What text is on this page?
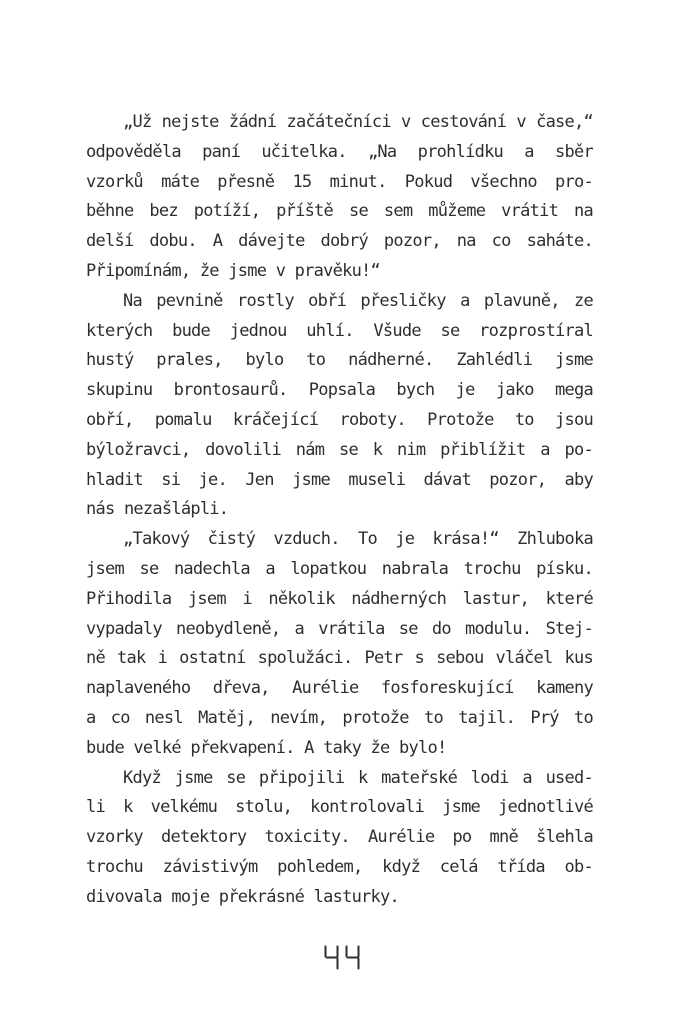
„Už nejste žádní začátečníci v cestování v čase,“
odpověděla paní učitelka. „Na prohlídku a sběr
vzorků máte přesně 15 minut. Pokud všechno pro-
běhne bez potíží, příště se sem můžeme vrátit na
delší dobu. A dávejte dobrý pozor, na co saháte.
Připomínám, že jsme v pravěku!“

Na pevnině rostly obří přesličky a plavuně, ze
kterých bude jednou uhlí. Všude se rozprostíral
hustý prales, bylo to nádherné. Zahlédli jsme
skupinu brontosaurů. Popsala bych je jako mega
obří, pomalu kráčející roboty. Protože to jsou
býložravci, dovolili nám se k nim přiblížit a po-
hladit si je. Jen jsme museli dávat pozor, aby
nás nezašlápli.

„Takový čistý vzduch. To je krása!“ Zhluboka
jsem se nadechla a lopatkou nabrala trochu písku.
Přihodila jsem i několik nádherných lastur, které
vypadaly neobydleně, a vrátila se do modulu. Stej-
ně tak i ostatní spolužáci. Petr s sebou vláčel kus
naplaveného dřeva, Aurélie fosforeskující kameny
a co nesl Matěj, nevím, protože to tajil. Prý to
bude velké překvapení. A taky že bylo!

Když jsme se připojili k mateřské lodi a used-
li k velkému stolu, kontrolovali jsme jednotlivé
vzorky detektory toxicity. Aurélie po mně šlehla
trochu závistivým pohledem, když celá třída ob-
divovala moje překrásné lasturky.
